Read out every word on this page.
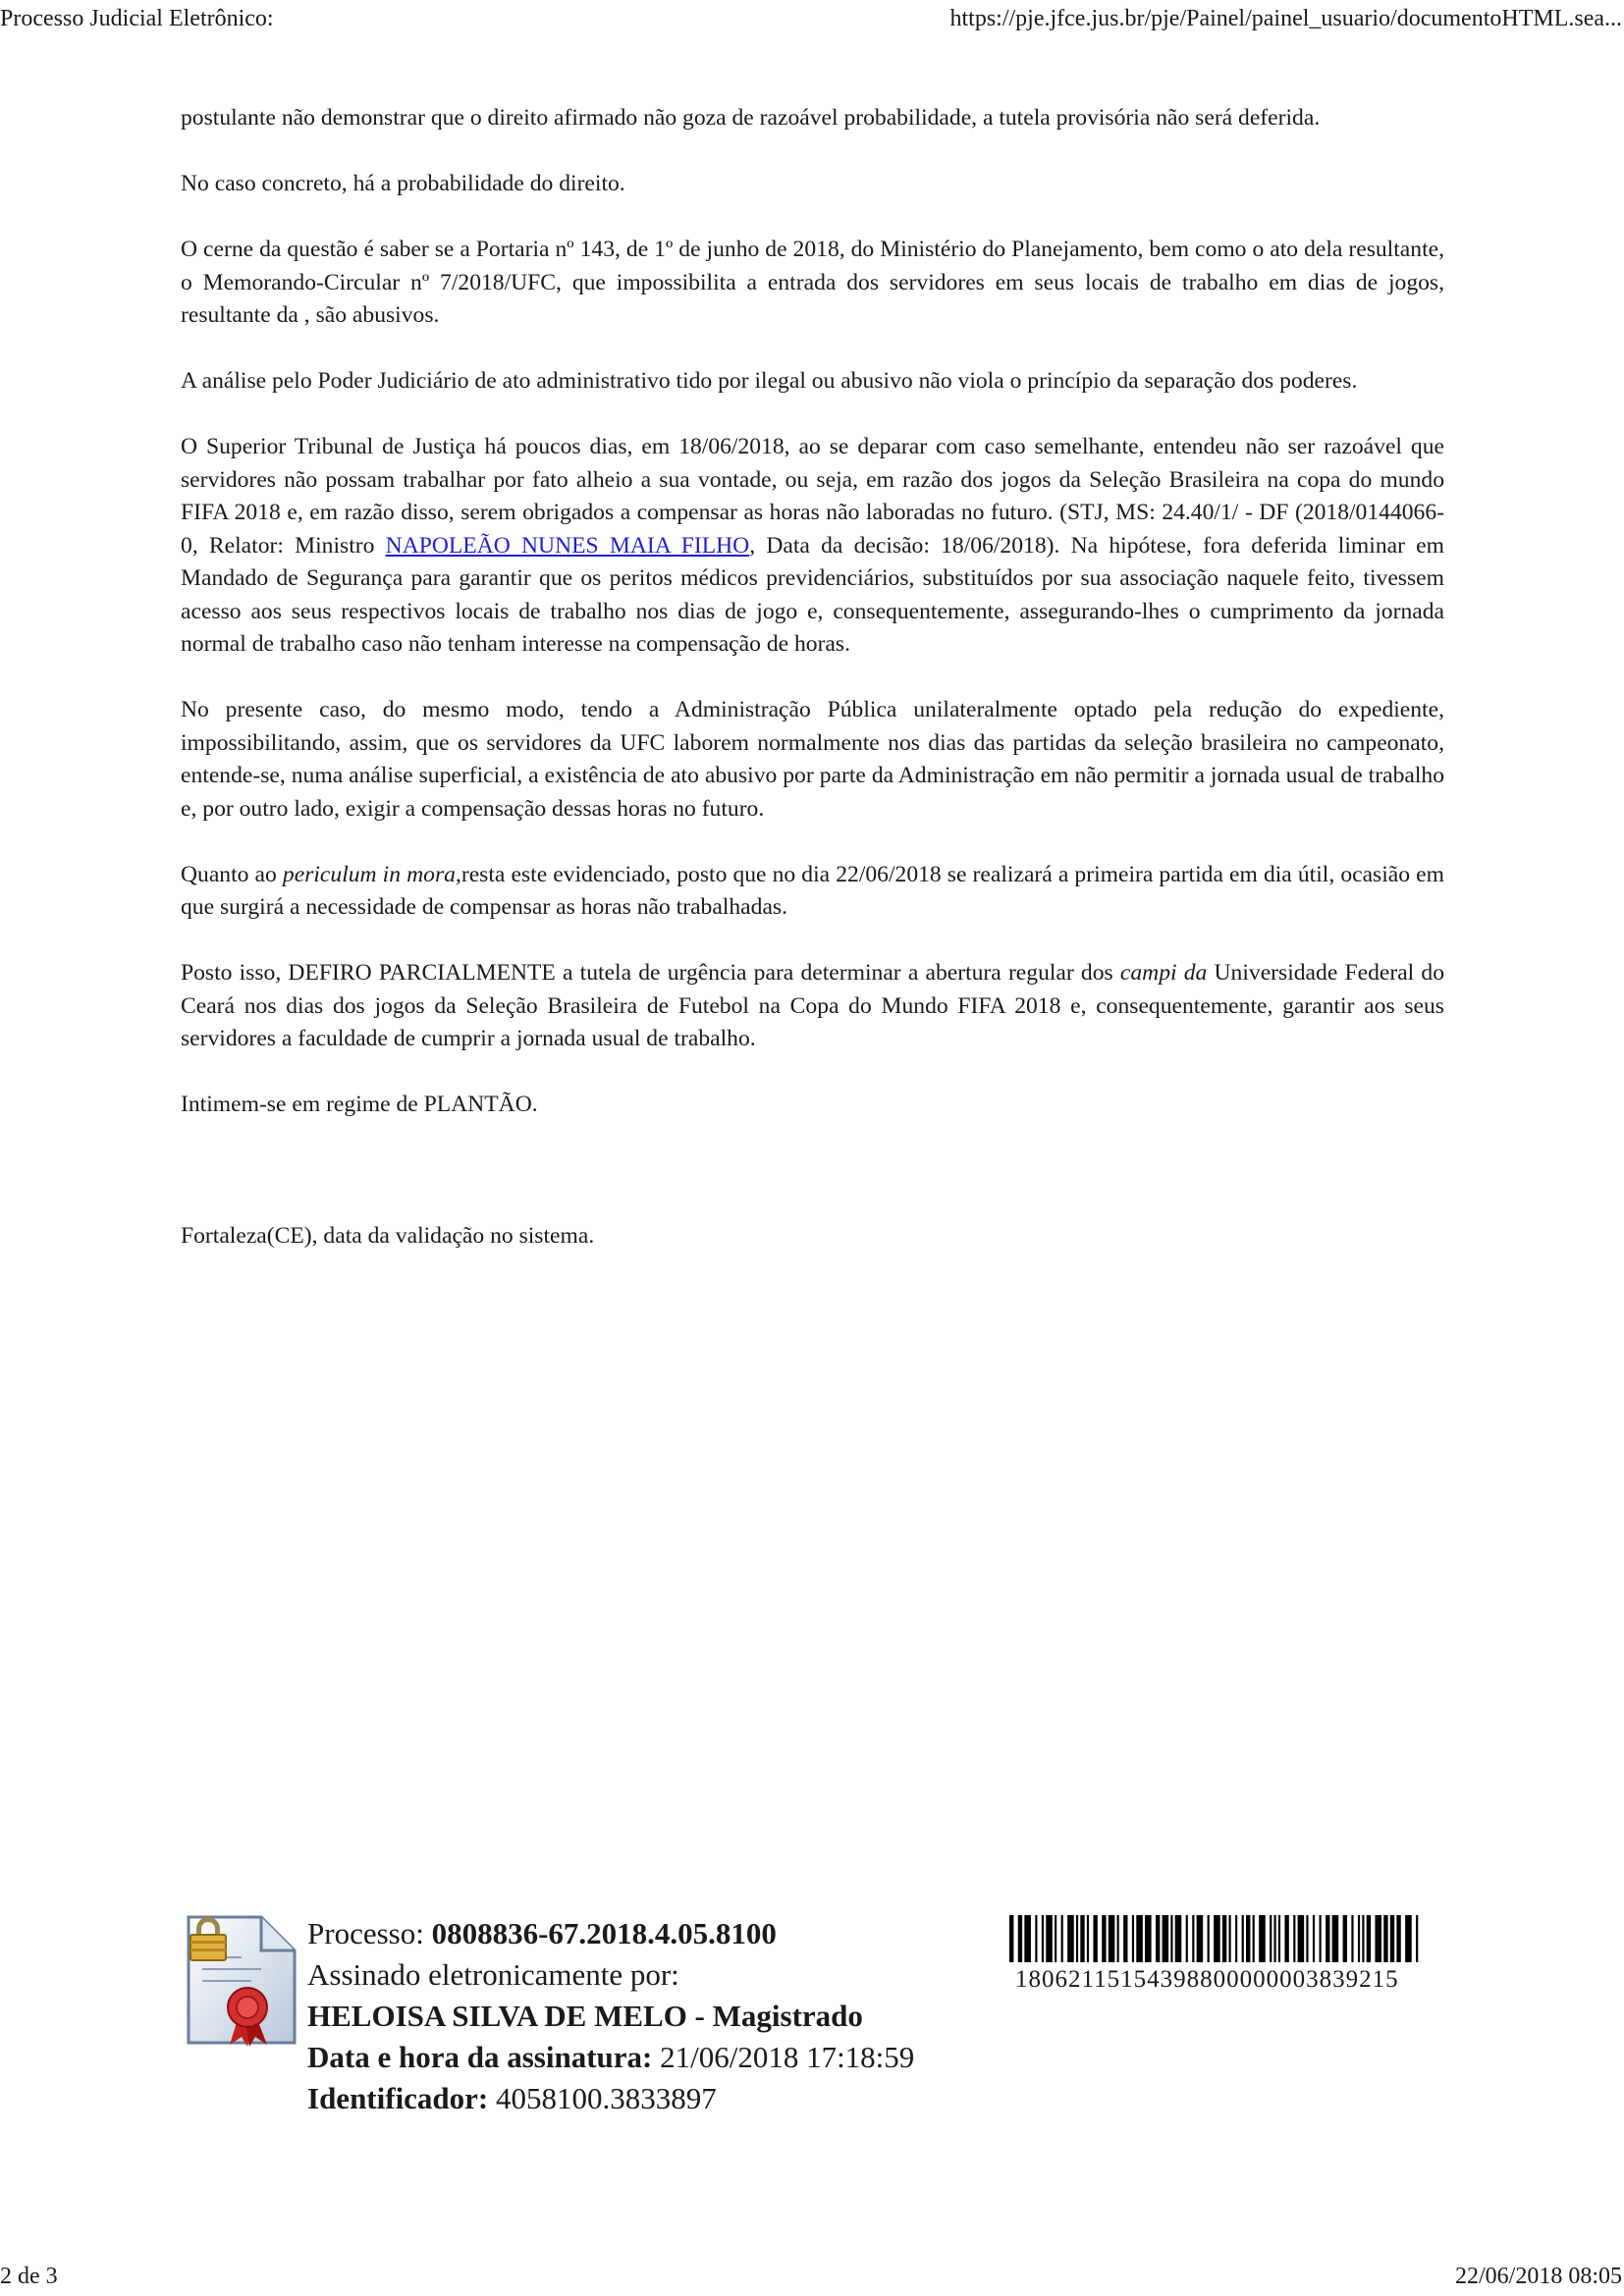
Processo Judicial Eletrônico:	https://pje.jfce.jus.br/pje/Painel/painel_usuario/documentoHTML.sea...

postulante não demonstrar que o direito afirmado não goza de razoável probabilidade, a tutela provisória não será deferida.

No caso concreto, há a probabilidade do direito.

O cerne da questão é saber se a Portaria nº 143, de 1º de junho de 2018, do Ministério do Planejamento, bem como o ato dela resultante, o Memorando-Circular nº 7/2018/UFC, que impossibilita a entrada dos servidores em seus locais de trabalho em dias de jogos, resultante da , são abusivos.

A análise pelo Poder Judiciário de ato administrativo tido por ilegal ou abusivo não viola o princípio da separação dos poderes.

O Superior Tribunal de Justiça há poucos dias, em 18/06/2018, ao se deparar com caso semelhante, entendeu não ser razoável que servidores não possam trabalhar por fato alheio a sua vontade, ou seja, em razão dos jogos da Seleção Brasileira na copa do mundo FIFA 2018 e, em razão disso, serem obrigados a compensar as horas não laboradas no futuro. (STJ, MS: 24.40/1/ - DF (2018/0144066-0, Relator: Ministro NAPOLEÃO NUNES MAIA FILHO, Data da decisão: 18/06/2018). Na hipótese, fora deferida liminar em Mandado de Segurança para garantir que os peritos médicos previdenciários, substituídos por sua associação naquele feito, tivessem acesso aos seus respectivos locais de trabalho nos dias de jogo e, consequentemente, assegurando-lhes o cumprimento da jornada normal de trabalho caso não tenham interesse na compensação de horas.

No presente caso, do mesmo modo, tendo a Administração Pública unilateralmente optado pela redução do expediente, impossibilitando, assim, que os servidores da UFC laborem normalmente nos dias das partidas da seleção brasileira no campeonato, entende-se, numa análise superficial, a existência de ato abusivo por parte da Administração em não permitir a jornada usual de trabalho e, por outro lado, exigir a compensação dessas horas no futuro.

Quanto ao periculum in mora,resta este evidenciado, posto que no dia 22/06/2018 se realizará a primeira partida em dia útil, ocasião em que surgirá a necessidade de compensar as horas não trabalhadas.

Posto isso, DEFIRO PARCIALMENTE a tutela de urgência para determinar a abertura regular dos campi da Universidade Federal do Ceará nos dias dos jogos da Seleção Brasileira de Futebol na Copa do Mundo FIFA 2018 e, consequentemente, garantir aos seus servidores a faculdade de cumprir a jornada usual de trabalho.

Intimem-se em regime de PLANTÃO.

Fortaleza(CE), data da validação no sistema.

Processo: 0808836-67.2018.4.05.8100
Assinado eletronicamente por:
HELOISA SILVA DE MELO - Magistrado
Data e hora da assinatura: 21/06/2018 17:18:59
Identificador: 4058100.3833897
18062115154398800000003839215
2 de 3	22/06/2018 08:05
